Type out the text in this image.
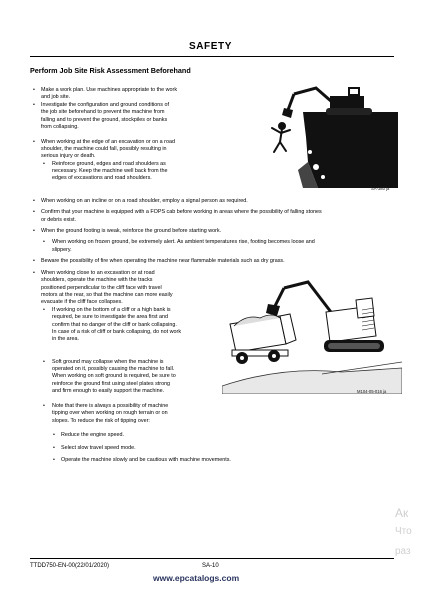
SAFETY
Perform Job Site Risk Assessment Beforehand
•
•
•
•
•
•
•
•
•
•
•
•
•
•
•
•
Make a work plan. Use machines appropriate to the work
and job site.
Investigate the configuration and ground conditions of
the job site beforehand to prevent the machine from
falling and to prevent the ground, stockpiles or banks
from collapsing.
When working at the edge of an excavation or on a road
shoulder, the machine could fall, possibly resulting in
serious injury or death.
Reinforce ground, edges and road shoulders as
necessary. Keep the machine well back from the
edges of excavations and road shoulders.
When working on an incline or on a road shoulder, employ a signal person as required.
Confirm that your machine is equipped with a FOPS cab before working in areas where the possibility of falling stones
or debris exist.
When the ground footing is weak, reinforce the ground before starting work.
When working on frozen ground, be extremely alert. As ambient temperatures rise, footing becomes loose and
slippery.
Beware the possibility of fire when operating the machine near flammable materials such as dry grass.
When working close to an excavation or at road
shoulders, operate the machine with the tracks
positioned perpendicular to the cliff face with travel
motors at the rear, so that the machine can more easily
evacuate if the cliff face collapses.
If working on the bottom of a cliff or a high bank is
required, be sure to investigate the area first and
confirm that no danger of the cliff or bank collapsing.
In case of a risk of cliff or bank collapsing, do not work
in the area.
Soft ground may collapse when the machine is
operated on it, possibly causing the machine to fall.
When working on soft ground is required, be sure to
reinforce the ground first using steel plates strong
and firm enough to easily support the machine.
Note that there is always a possibility of machine
tipping over when working on rough terrain or on
slopes. To reduce the risk of tipping over:
Reduce the engine speed.
Select slow travel speed mode.
Operate the machine slowly and be cautious with machine movements.
SA-380 ja
M104-05-016 ja
Ак
Что
раз
TTDD750-EN-00(22/01/2020)	SA-10
www.epcatalogs.com
